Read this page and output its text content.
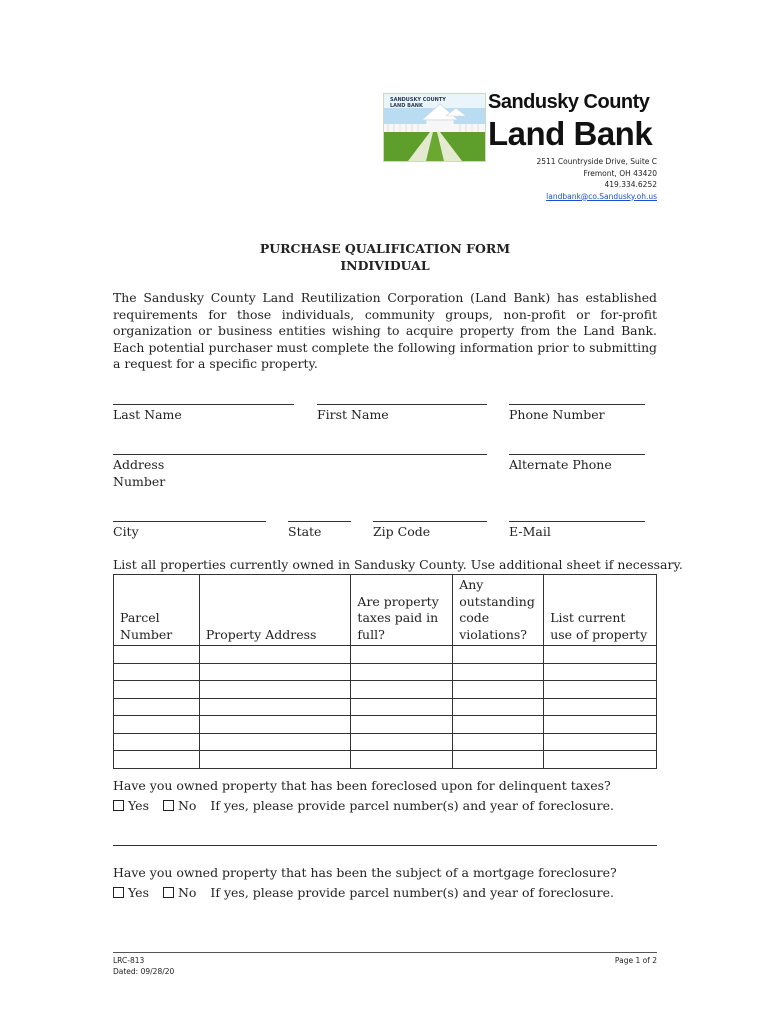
SANDUSKY COUNTY
LAND BANK	Sandusky County
Land Bank
2511 Countryside Drive, Suite C
Fremont, OH 43420
419.334.6252
landbank@co.Sandusky.oh.us
PURCHASE QUALIFICATION FORM
INDIVIDUAL
The Sandusky County Land Reutilization Corporation (Land Bank) has established requirements for those individuals, community groups, non-profit or for-profit organization or business entities wishing to acquire property from the Land Bank. Each potential purchaser must complete the following information prior to submitting a request for a specific property.
Last Name	First Name	Phone Number
Address
Number
Alternate Phone
City	State	Zip Code	E-Mail
List all properties currently owned in Sandusky County. Use additional sheet if necessary.
Parcel Number	Property Address	Are property taxes paid in full?	Any outstanding code violations?	List current use of property

Have you owned property that has been foreclosed upon for delinquent taxes?
Yes No If yes, please provide parcel number(s) and year of foreclosure.
Have you owned property that has been the subject of a mortgage foreclosure?
Yes No If yes, please provide parcel number(s) and year of foreclosure.
LRC-813
Dated: 09/28/20
Page 1 of 2
